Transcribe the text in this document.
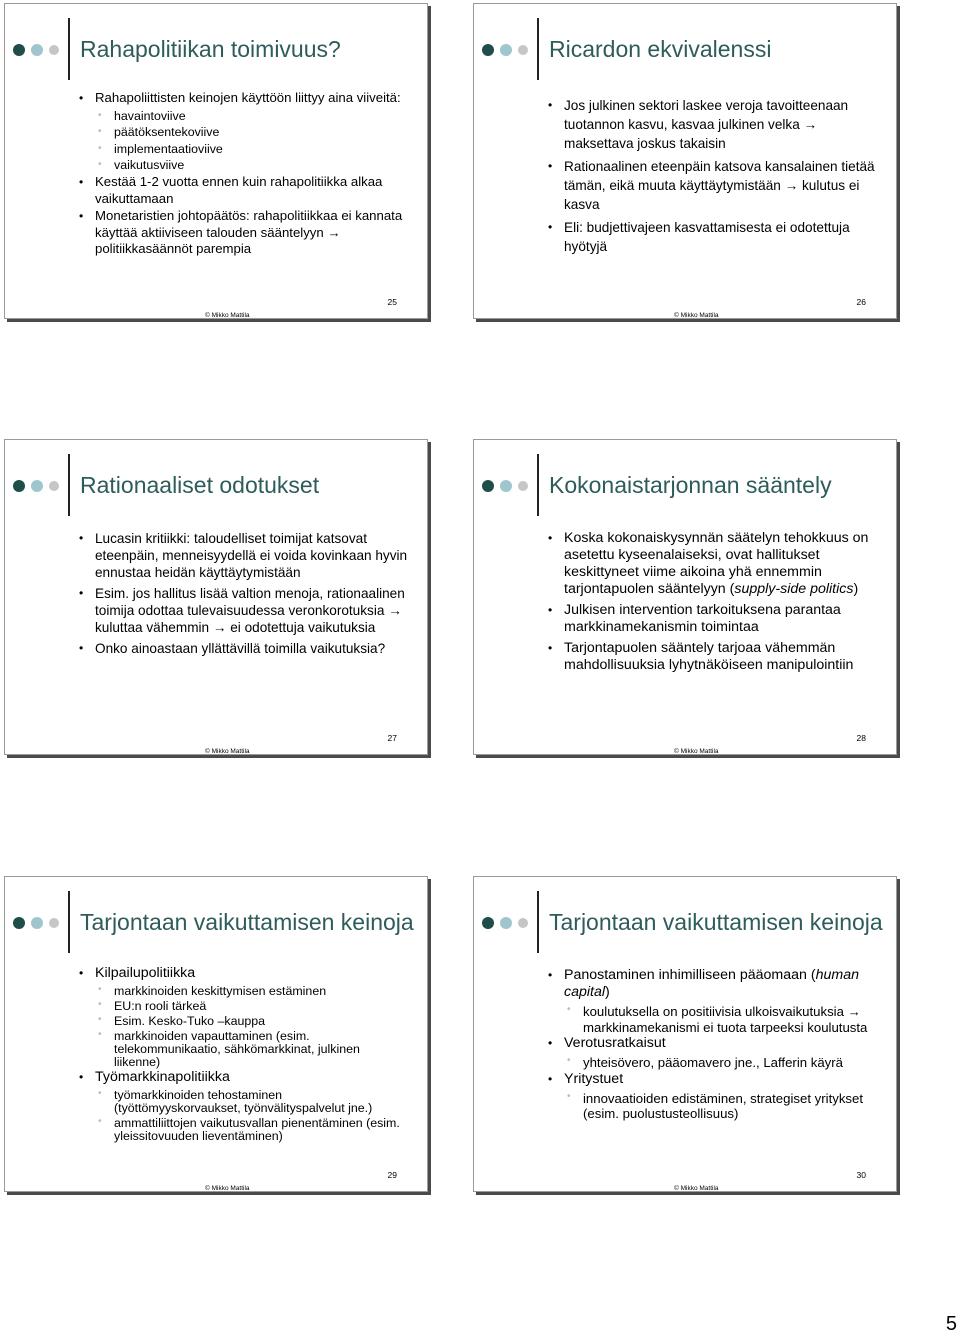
Rahapolitiikan toimivuus?
• Rahapoliittisten keinojen käyttöön liittyy aina viiveitä:
• havaintoviive
• päätöksentekoviive
• implementaatioviive
• vaikutusviive
• Kestää 1-2 vuotta ennen kuin rahapolitiikka alkaa vaikuttamaan
• Monetaristien johtopäätös: rahapolitiikkaa ei kannata käyttää aktiiviseen talouden sääntelyyn → politiikkasäännöt parempia
25
© Mikko Mattila
Ricardon ekvivalenssi
• Jos julkinen sektori laskee veroja tavoitteenaan tuotannon kasvu, kasvaa julkinen velka → maksettava joskus takaisin
• Rationaalinen eteenpäin katsova kansalainen tietää tämän, eikä muuta käyttäytymistään → kulutus ei kasva
• Eli: budjettivajeen kasvattamisesta ei odotettuja hyötyjä
26
© Mikko Mattila
Rationaaliset odotukset
• Lucasin kritiikki: taloudelliset toimijat katsovat eteenpäin, menneisyydellä ei voida kovinkaan hyvin ennustaa heidän käyttäytymistään
• Esim. jos hallitus lisää valtion menoja, rationaalinen toimija odottaa tulevaisuudessa veronkorotuksia → kuluttaa vähemmin → ei odotettuja vaikutuksia
• Onko ainoastaan yllättävillä toimilla vaikutuksia?
27
© Mikko Mattila
Kokonaistarjonnan sääntely
• Koska kokonaiskysynnän säätelyn tehokkuus on asetettu kyseenalaiseksi, ovat hallitukset keskittyneet viime aikoina yhä ennemmin tarjontapuolen sääntelyyn (supply-side politics)
• Julkisen intervention tarkoituksena parantaa markkinamekanismin toimintaa
• Tarjontapuolen sääntely tarjoaa vähemmän mahdollisuuksia lyhytnäköiseen manipulointiin
28
© Mikko Mattila
Tarjontaan vaikuttamisen keinoja
• Kilpailupolitiikka
• markkinoiden keskittymisen estäminen
• EU:n rooli tärkeä
• Esim. Kesko-Tuko –kauppa
• markkinoiden vapauttaminen (esim. telekommunikaatio, sähkömarkkinat, julkinen liikenne)
• Työmarkkinapolitiikka
• työmarkkinoiden tehostaminen (työttömyyskorvaukset, työnvälityspalvelut jne.)
• ammattiliittojen vaikutusvallan pienentäminen (esim. yleissitovuuden lieventäminen)
29
© Mikko Mattila
Tarjontaan vaikuttamisen keinoja
• Panostaminen inhimilliseen pääomaan (human capital)
• koulutuksella on positiivisia ulkoisvaikutuksia → markkinamekanismi ei tuota tarpeeksi koulutusta
• Verotusratkaisut
• yhteisövero, pääomavero jne., Lafferin käyrä
• Yritystuet
• innovaatioiden edistäminen, strategiset yritykset (esim. puolustusteollisuus)
30
© Mikko Mattila
5
